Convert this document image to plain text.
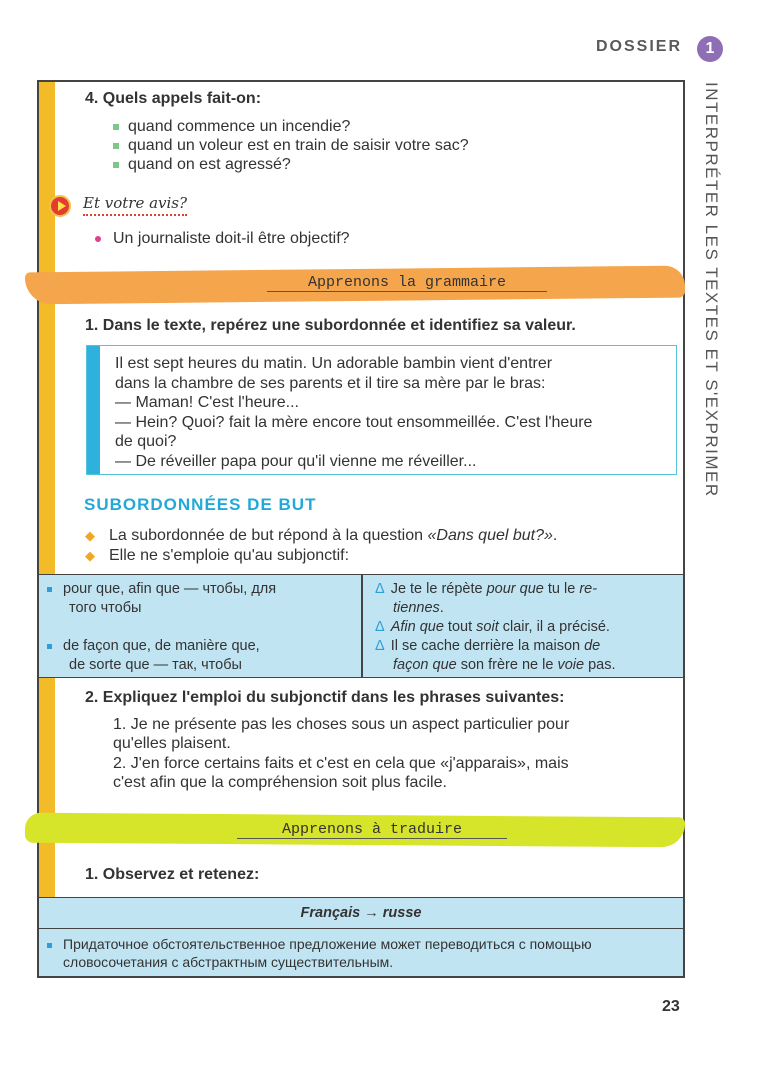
DOSSIER	1
INTERPRÉTER LES TEXTES ET S'EXPRIMER
4. Quels appels fait-on:
quand commence un incendie?
quand un voleur est en train de saisir votre sac?
quand on est agressé?
Et votre avis?
Un journaliste doit-il être objectif?
Apprenons la grammaire
1. Dans le texte, repérez une subordonnée et identifiez sa valeur.
Il est sept heures du matin. Un adorable bambin vient d'entrer
dans la chambre de ses parents et il tire sa mère par le bras:
— Maman! C'est l'heure...
— Hein? Quoi? fait la mère encore tout ensommeillée. C'est l'heure
de quoi?
— De réveiller papa pour qu'il vienne me réveiller...
SUBORDONNÉES DE BUT
◆ La subordonnée de but répond à la question «Dans quel but?».
◆ Elle ne s'emploie qu'au subjonctif:
pour que, afin que — чтобы, для
того чтобы
de façon que, de manière que,
de sorte que — так, чтобы
Δ Je te le répète pour que tu le re-
tiennes.
Δ Afin que tout soit clair, il a précisé.
Δ Il se cache derrière la maison de
façon que son frère ne le voie pas.
2. Expliquez l'emploi du subjonctif dans les phrases suivantes:
1. Je ne présente pas les choses sous un aspect particulier pour
qu'elles plaisent.
2. J'en force certains faits et c'est en cela que «j'apparais», mais
c'est afin que la compréhension soit plus facile.
Apprenons à traduire
1. Observez et retenez:
Français → russe
Придаточное обстоятельственное предложение может переводиться с помощью
словосочетания с абстрактным существительным.
23
